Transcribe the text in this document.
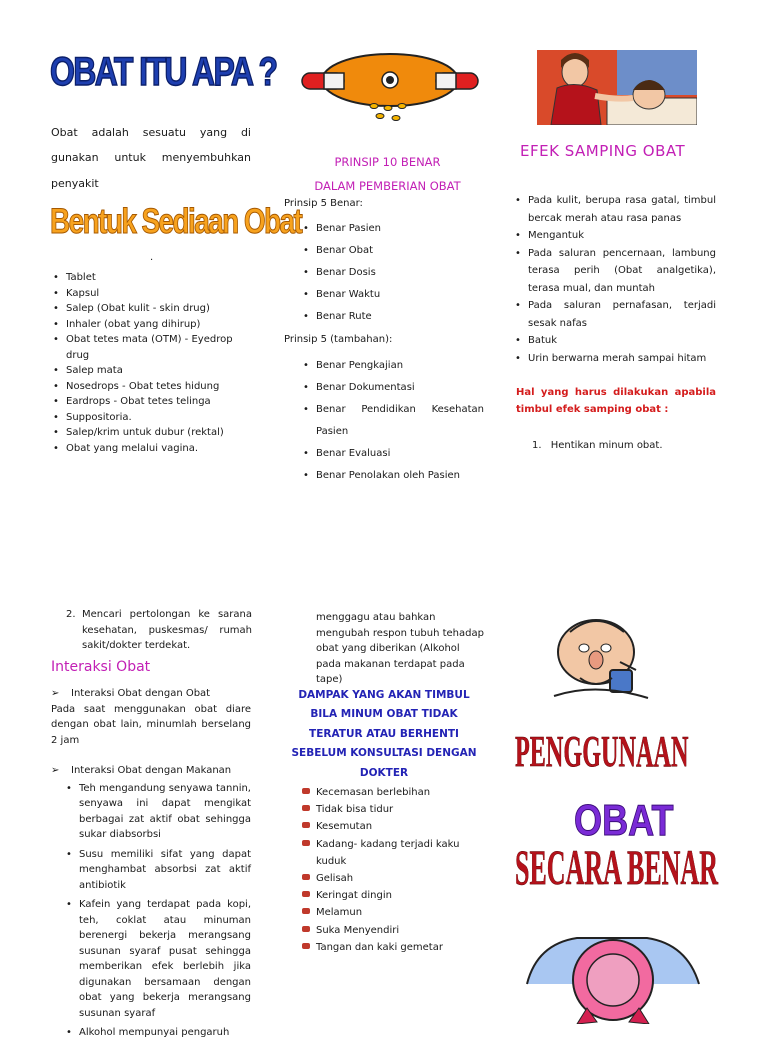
OBAT ITU APA ?
Obat adalah sesuatu yang di gunakan untuk menyembuhkan penyakit
Bentuk Sediaan Obat
.
• Tablet
• Kapsul
• Salep (Obat kulit - skin drug)
• Inhaler (obat yang dihirup)
• Obat tetes mata (OTM) - Eyedrop drug
• Salep mata
• Nosedrops - Obat tetes hidung
• Eardrops - Obat tetes telinga
• Suppositoria.
• Salep/krim untuk dubur (rektal)
• Obat yang melalui vagina.
2. Mencari pertolongan ke sarana kesehatan, puskesmas/ rumah sakit/dokter terdekat.
Interaksi Obat
➢ Interaksi Obat dengan Obat
Pada saat menggunakan obat diare dengan obat lain, minumlah berselang 2 jam
➢ Interaksi Obat dengan Makanan
• Teh mengandung senyawa tannin, senyawa ini dapat mengikat berbagai zat aktif obat sehingga sukar diabsorbsi
• Susu memiliki sifat yang dapat menghambat absorbsi zat aktif antibiotik
• Kafein yang terdapat pada kopi, teh, coklat atau minuman berenergi bekerja merangsang susunan syaraf pusat sehingga memberikan efek berlebih jika digunakan bersamaan dengan obat yang bekerja merangsang susunan syaraf
• Alkohol mempunyai pengaruh
PRINSIP 10 BENAR
DALAM PEMBERIAN OBAT
Prinsip 5 Benar:
• Benar Pasien
• Benar Obat
• Benar Dosis
• Benar Waktu
• Benar Rute
Prinsip 5 (tambahan):
• Benar Pengkajian
• Benar Dokumentasi
• Benar Pendidikan Kesehatan Pasien
• Benar Evaluasi
• Benar Penolakan oleh Pasien
menggagu atau bahkan mengubah respon tubuh tehadap obat yang diberikan (Alkohol pada makanan terdapat pada tape)
DAMPAK YANG AKAN TIMBUL BILA MINUM OBAT TIDAK TERATUR ATAU BERHENTI SEBELUM KONSULTASI DENGAN DOKTER
Kecemasan berlebihan
Tidak bisa tidur
Kesemutan
Kadang- kadang terjadi kaku kuduk
Gelisah
Keringat dingin
Melamun
Suka Menyendiri
Tangan dan kaki gemetar
EFEK SAMPING OBAT
• Pada kulit, berupa rasa gatal, timbul bercak merah atau rasa panas
• Mengantuk
• Pada saluran pencernaan, lambung terasa perih (Obat analgetika), terasa mual, dan muntah
• Pada saluran pernafasan, terjadi sesak nafas
• Batuk
• Urin berwarna merah sampai hitam
Hal yang harus dilakukan apabila timbul efek samping obat :
1. Hentikan minum obat.
PENGGUNAAN
OBAT
SECARA BENAR
